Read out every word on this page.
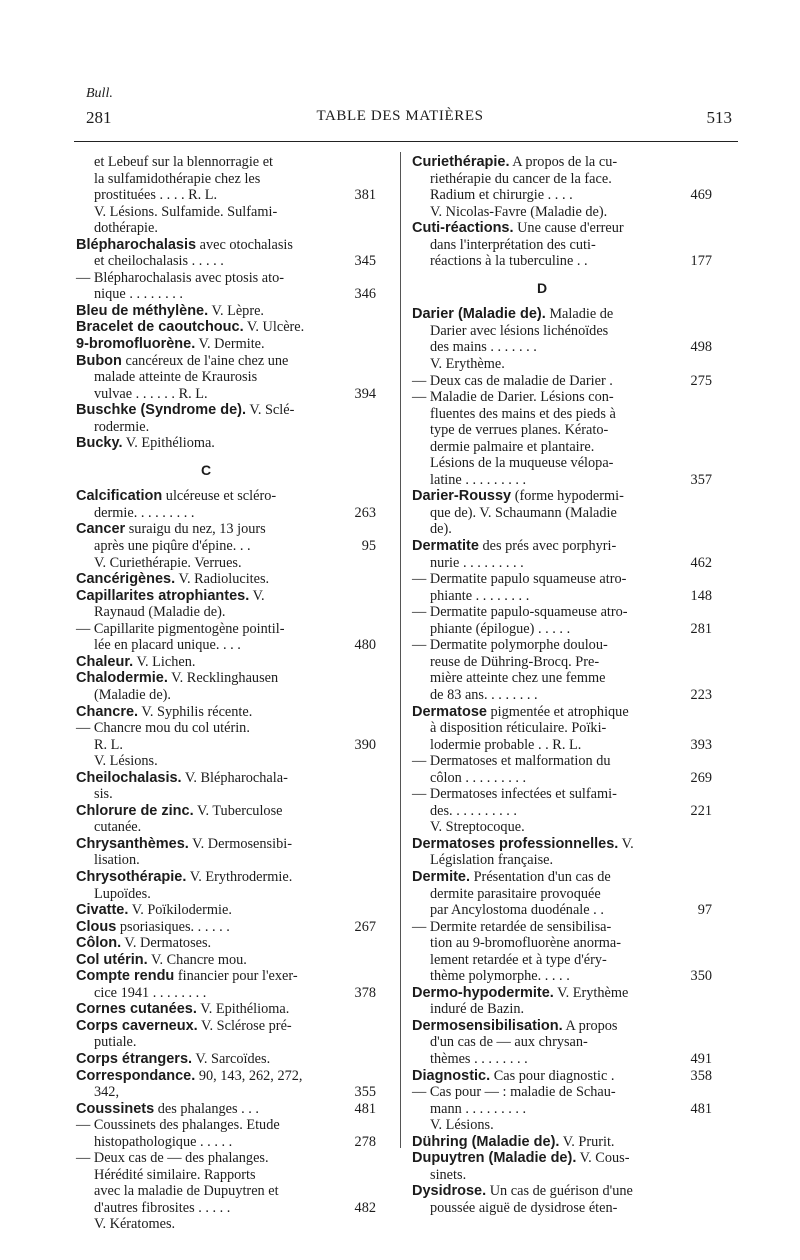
Bull.
281	TABLE DES MATIÈRES	513
et Lebeuf sur la blennorragie et
la sulfamidothérapie chez les
prostituées . . . . R. L.	381
V. Lésions. Sulfamide. Sulfami-
dothérapie.
Blépharochalasis avec otochalasis
et cheilochalasis . . . . .	345
— Blépharochalasis avec ptosis ato-
nique . . . . . . . .	346
Bleu de méthylène. V. Lèpre.
Bracelet de caoutchouc. V. Ulcère.
9-bromofluorène. V. Dermite.
Bubon cancéreux de l'aine chez une
malade atteinte de Kraurosis
vulvae . . . . . . R. L.	394
Buschke (Syndrome de). V. Sclé-
rodermie.
Bucky. V. Epithélioma.
C
Calcification ulcéreuse et scléro-
dermie. . . . . . . . .	263
Cancer suraigu du nez, 13 jours
après une piqûre d'épine. . .	95
V. Curiethérapie. Verrues.
Cancérigènes. V. Radiolucites.
Capillarites atrophiantes. V.
Raynaud (Maladie de).
— Capillarite pigmentogène pointil-
lée en placard unique. . . .	480
Chaleur. V. Lichen.
Chalodermie. V. Recklinghausen
(Maladie de).
Chancre. V. Syphilis récente.
— Chancre mou du col utérin.
R. L.	390
V. Lésions.
Cheilochalasis. V. Blépharochala-
sis.
Chlorure de zinc. V. Tuberculose
cutanée.
Chrysanthèmes. V. Dermosensibi-
lisation.
Chrysothérapie. V. Erythrodermie.
Lupoïdes.
Civatte. V. Poïkilodermie.
Clous psoriasiques. . . . . .	267
Côlon. V. Dermatoses.
Col utérin. V. Chancre mou.
Compte rendu financier pour l'exer-
cice 1941 . . . . . . . .	378
Cornes cutanées. V. Epithélioma.
Corps caverneux. V. Sclérose pré-
putiale.
Corps étrangers. V. Sarcoïdes.
Correspondance. 90, 143, 262, 272,
342,	355
Coussinets des phalanges . . .	481
— Coussinets des phalanges. Etude
histopathologique . . . . .	278
— Deux cas de — des phalanges.
Hérédité similaire. Rapports
avec la maladie de Dupuytren et
d'autres fibrosites . . . . .	482
V. Kératomes.
Curiethérapie. A propos de la cu-
riethérapie du cancer de la face.
Radium et chirurgie . . . .	469
V. Nicolas-Favre (Maladie de).
Cuti-réactions. Une cause d'erreur
dans l'interprétation des cuti-
réactions à la tuberculine . .	177
D
Darier (Maladie de). Maladie de
Darier avec lésions lichénoïdes
des mains . . . . . . .	498
V. Erythème.
— Deux cas de maladie de Darier .	275
— Maladie de Darier. Lésions con-
fluentes des mains et des pieds à
type de verrues planes. Kérato-
dermie palmaire et plantaire.
Lésions de la muqueuse vélopa-
latine . . . . . . . . .	357
Darier-Roussy (forme hypodermi-
que de). V. Schaumann (Maladie
de).
Dermatite des prés avec porphyri-
nurie . . . . . . . . .	462
— Dermatite papulo squameuse atro-
phiante . . . . . . . .	148
— Dermatite papulo-squameuse atro-
phiante (épilogue) . . . . .	281
— Dermatite polymorphe doulou-
reuse de Dühring-Brocq. Pre-
mière atteinte chez une femme
de 83 ans. . . . . . . .	223
Dermatose pigmentée et atrophique
à disposition réticulaire. Poïki-
lodermie probable . . R. L.	393
— Dermatoses et malformation du
côlon . . . . . . . . .	269
— Dermatoses infectées et sulfami-
des. . . . . . . . . .	221
V. Streptocoque.
Dermatoses professionnelles. V.
Législation française.
Dermite. Présentation d'un cas de
dermite parasitaire provoquée
par Ancylostoma duodénale . .	97
— Dermite retardée de sensibilisa-
tion au 9-bromofluorène anorma-
lement retardée et à type d'éry-
thème polymorphe. . . . .	350
Dermo-hypodermite. V. Erythème
induré de Bazin.
Dermosensibilisation. A propos
d'un cas de — aux chrysan-
thèmes . . . . . . . .	491
Diagnostic. Cas pour diagnostic .	358
— Cas pour — : maladie de Schau-
mann . . . . . . . . .	481
V. Lésions.
Dühring (Maladie de). V. Prurit.
Dupuytren (Maladie de). V. Cous-
sinets.
Dysidrose. Un cas de guérison d'une
poussée aiguë de dysidrose éten-
